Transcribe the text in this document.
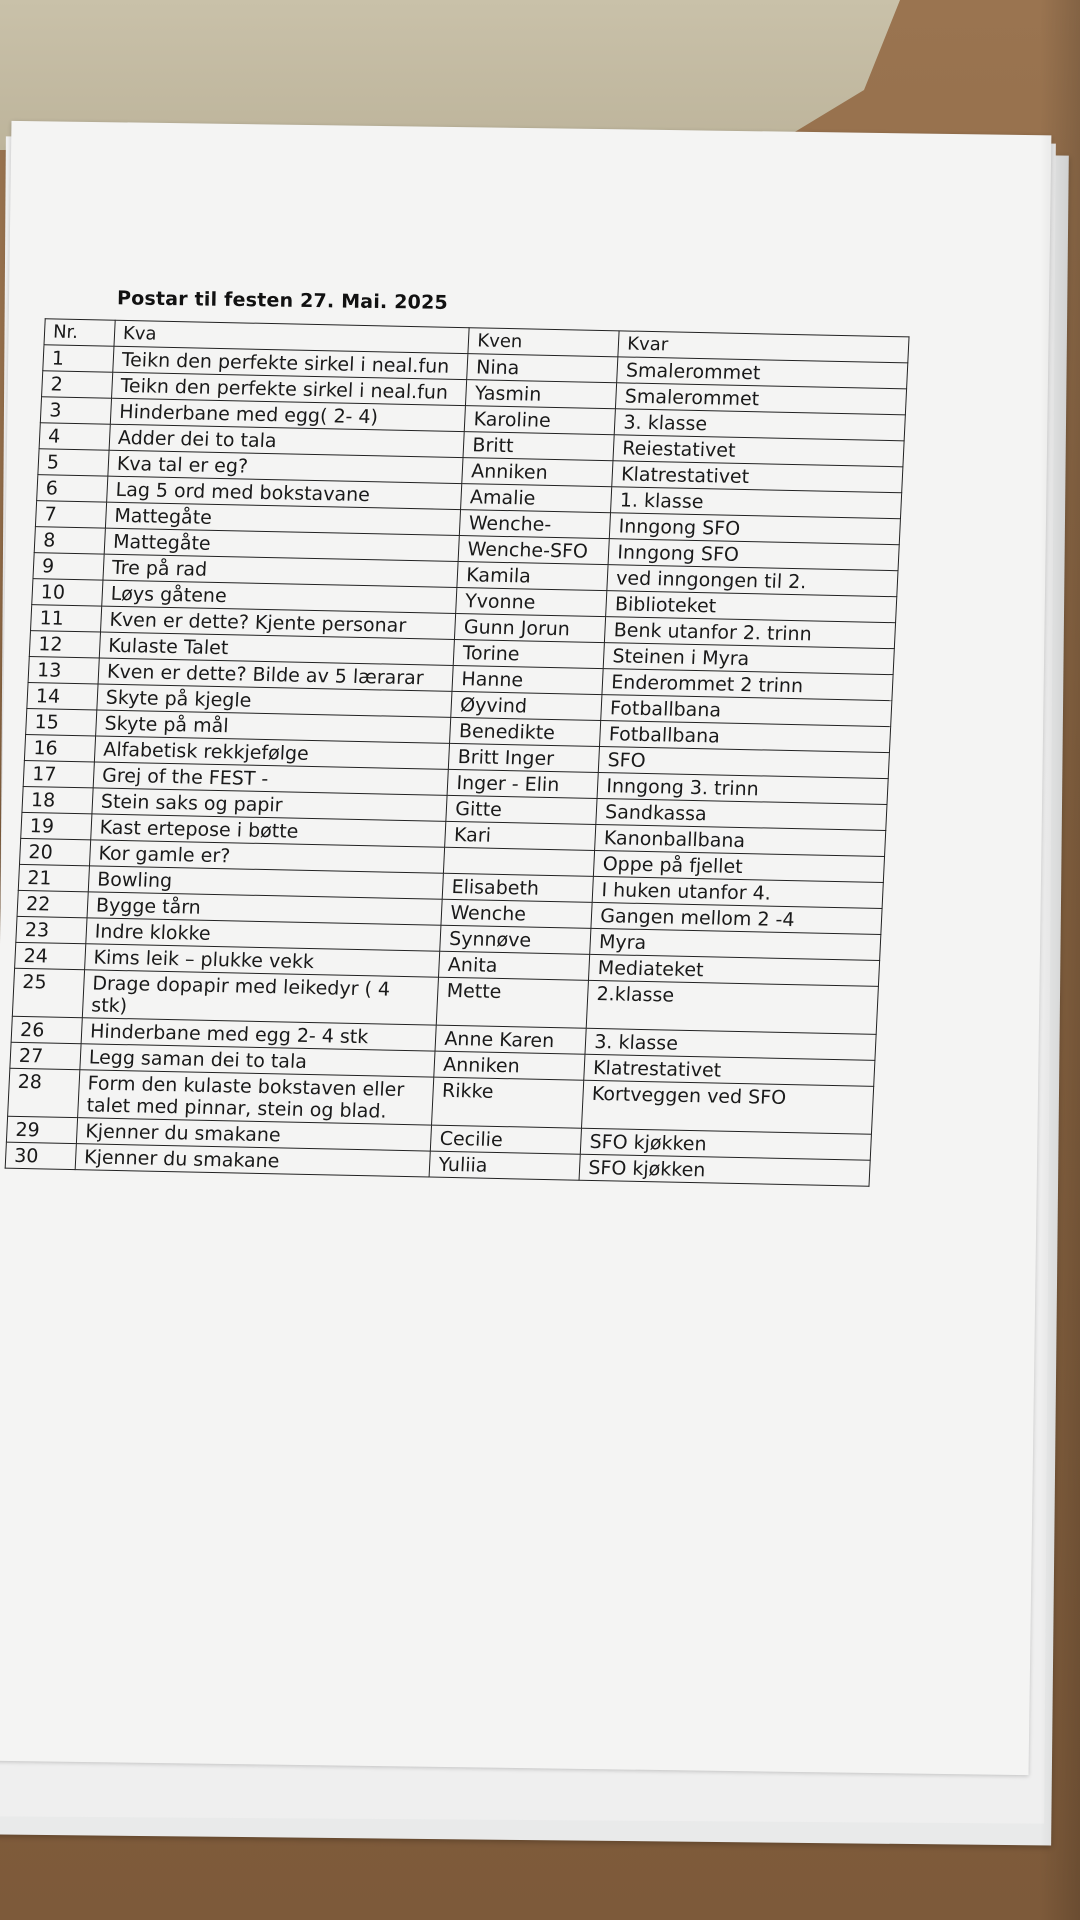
Postar til festen 27. Mai. 2025
Nr.	Kva	Kven	Kvar
1	Teikn den perfekte sirkel i neal.fun	Nina	Smalerommet
2	Teikn den perfekte sirkel i neal.fun	Yasmin	Smalerommet
3	Hinderbane med egg( 2- 4)	Karoline	3. klasse
4	Adder dei to tala	Britt	Reiestativet
5	Kva tal er eg?	Anniken	Klatrestativet
6	Lag 5 ord med bokstavane	Amalie	1. klasse
7	Mattegåte	Wenche-	Inngong SFO
8	Mattegåte	Wenche-SFO	Inngong SFO
9	Tre på rad	Kamila	ved inngongen til 2.
10	Løys gåtene	Yvonne	Biblioteket
11	Kven er dette? Kjente personar	Gunn Jorun	Benk utanfor 2. trinn
12	Kulaste Talet	Torine	Steinen i Myra
13	Kven er dette? Bilde av 5 lærarar	Hanne	Enderommet 2 trinn
14	Skyte på kjegle	Øyvind	Fotballbana
15	Skyte på mål	Benedikte	Fotballbana
16	Alfabetisk rekkjefølge	Britt Inger	SFO
17	Grej of the FEST -	Inger - Elin	Inngong 3. trinn
18	Stein saks og papir	Gitte	Sandkassa
19	Kast ertepose i bøtte	Kari	Kanonballbana
20	Kor gamle er?		Oppe på fjellet
21	Bowling	Elisabeth	I huken utanfor 4.
22	Bygge tårn	Wenche	Gangen mellom 2 -4
23	Indre klokke	Synnøve	Myra
24	Kims leik – plukke vekk	Anita	Mediateket
25	Drage dopapir med leikedyr ( 4 stk)	Mette	2.klasse
26	Hinderbane med egg 2- 4 stk	Anne Karen	3. klasse
27	Legg saman dei to tala	Anniken	Klatrestativet
28	Form den kulaste bokstaven eller talet med pinnar, stein og blad.	Rikke	Kortveggen ved SFO
29	Kjenner du smakane	Cecilie	SFO kjøkken
30	Kjenner du smakane	Yuliia	SFO kjøkken
